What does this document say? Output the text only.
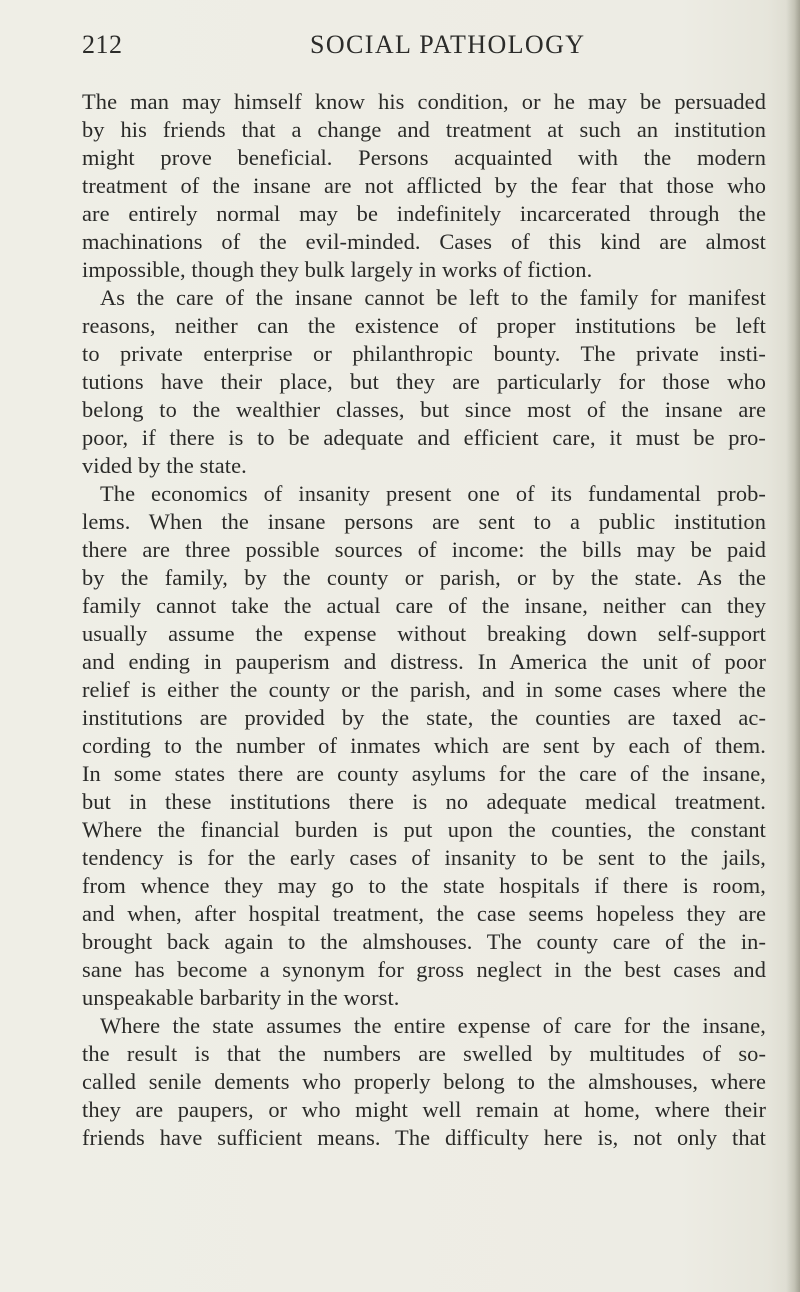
212	SOCIAL PATHOLOGY
The man may himself know his condition, or he may be persuaded
by his friends that a change and treatment at such an institution
might prove beneficial. Persons acquainted with the modern
treatment of the insane are not afflicted by the fear that those who
are entirely normal may be indefinitely incarcerated through the
machinations of the evil-minded. Cases of this kind are almost
impossible, though they bulk largely in works of fiction.
As the care of the insane cannot be left to the family for manifest
reasons, neither can the existence of proper institutions be left
to private enterprise or philanthropic bounty. The private insti-
tutions have their place, but they are particularly for those who
belong to the wealthier classes, but since most of the insane are
poor, if there is to be adequate and efficient care, it must be pro-
vided by the state.
The economics of insanity present one of its fundamental prob-
lems. When the insane persons are sent to a public institution
there are three possible sources of income: the bills may be paid
by the family, by the county or parish, or by the state. As the
family cannot take the actual care of the insane, neither can they
usually assume the expense without breaking down self-support
and ending in pauperism and distress. In America the unit of poor
relief is either the county or the parish, and in some cases where the
institutions are provided by the state, the counties are taxed ac-
cording to the number of inmates which are sent by each of them.
In some states there are county asylums for the care of the insane,
but in these institutions there is no adequate medical treatment.
Where the financial burden is put upon the counties, the constant
tendency is for the early cases of insanity to be sent to the jails,
from whence they may go to the state hospitals if there is room,
and when, after hospital treatment, the case seems hopeless they are
brought back again to the almshouses. The county care of the in-
sane has become a synonym for gross neglect in the best cases and
unspeakable barbarity in the worst.
Where the state assumes the entire expense of care for the insane,
the result is that the numbers are swelled by multitudes of so-
called senile dements who properly belong to the almshouses, where
they are paupers, or who might well remain at home, where their
friends have sufficient means. The difficulty here is, not only that
